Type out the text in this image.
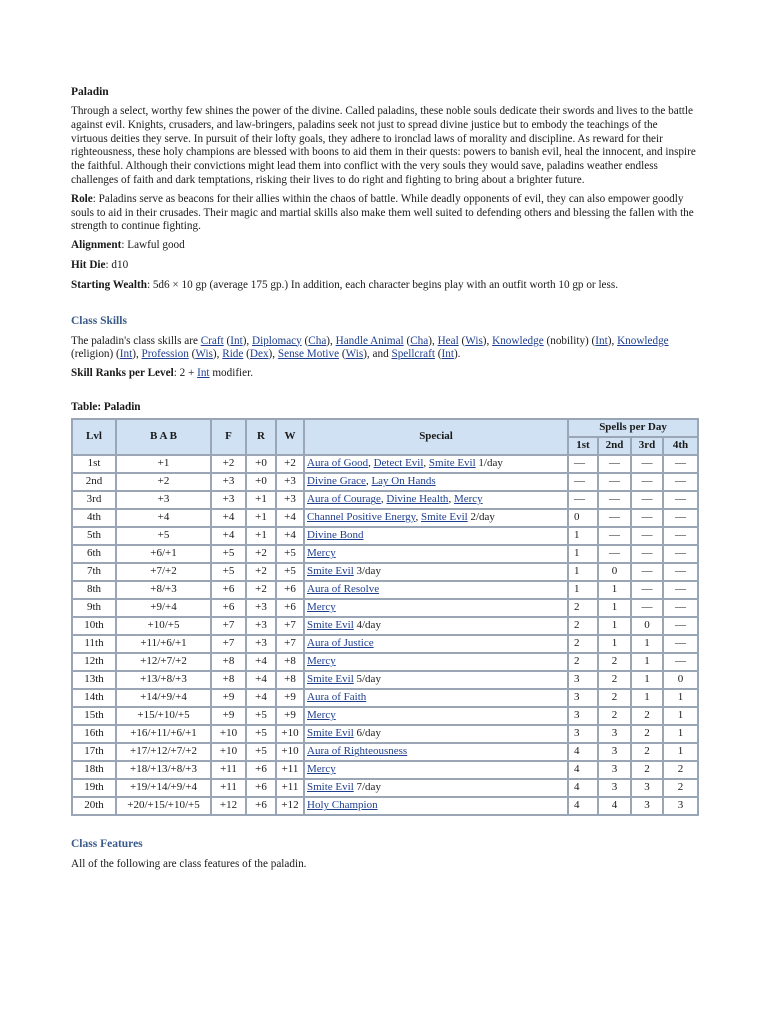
Paladin

Through a select, worthy few shines the power of the divine. Called paladins, these noble souls dedicate their swords and lives to the battle against evil. Knights, crusaders, and law-bringers, paladins seek not just to spread divine justice but to embody the teachings of the virtuous deities they serve. In pursuit of their lofty goals, they adhere to ironclad laws of morality and discipline. As reward for their righteousness, these holy champions are blessed with boons to aid them in their quests: powers to banish evil, heal the innocent, and inspire the faithful. Although their convictions might lead them into conflict with the very souls they would save, paladins weather endless challenges of faith and dark temptations, risking their lives to do right and fighting to bring about a brighter future.

Role: Paladins serve as beacons for their allies within the chaos of battle. While deadly opponents of evil, they can also empower goodly souls to aid in their crusades. Their magic and martial skills also make them well suited to defending others and blessing the fallen with the strength to continue fighting.

Alignment: Lawful good

Hit Die: d10

Starting Wealth: 5d6 × 10 gp (average 175 gp.) In addition, each character begins play with an outfit worth 10 gp or less.

Class Skills

The paladin's class skills are Craft (Int), Diplomacy (Cha), Handle Animal (Cha), Heal (Wis), Knowledge (nobility) (Int), Knowledge (religion) (Int), Profession (Wis), Ride (Dex), Sense Motive (Wis), and Spellcraft (Int).

Skill Ranks per Level: 2 + Int modifier.

Table: Paladin
Lvl	B A B	F	R	W	Special	Spells per Day			
						1st	2nd	3rd	4th
1st	+1	+2	+0	+2	Aura of Good, Detect Evil, Smite Evil 1/day	—	—	—	—
2nd	+2	+3	+0	+3	Divine Grace, Lay On Hands	—	—	—	—
3rd	+3	+3	+1	+3	Aura of Courage, Divine Health, Mercy	—	—	—	—
4th	+4	+4	+1	+4	Channel Positive Energy, Smite Evil 2/day	0	—	—	—
5th	+5	+4	+1	+4	Divine Bond	1	—	—	—
6th	+6/+1	+5	+2	+5	Mercy	1	—	—	—
7th	+7/+2	+5	+2	+5	Smite Evil 3/day	1	0	—	—
8th	+8/+3	+6	+2	+6	Aura of Resolve	1	1	—	—
9th	+9/+4	+6	+3	+6	Mercy	2	1	—	—
10th	+10/+5	+7	+3	+7	Smite Evil 4/day	2	1	0	—
11th	+11/+6/+1	+7	+3	+7	Aura of Justice	2	1	1	—
12th	+12/+7/+2	+8	+4	+8	Mercy	2	2	1	—
13th	+13/+8/+3	+8	+4	+8	Smite Evil 5/day	3	2	1	0
14th	+14/+9/+4	+9	+4	+9	Aura of Faith	3	2	1	1
15th	+15/+10/+5	+9	+5	+9	Mercy	3	2	2	1
16th	+16/+11/+6/+1	+10	+5	+10	Smite Evil 6/day	3	3	2	1
17th	+17/+12/+7/+2	+10	+5	+10	Aura of Righteousness	4	3	2	1
18th	+18/+13/+8/+3	+11	+6	+11	Mercy	4	3	2	2
19th	+19/+14/+9/+4	+11	+6	+11	Smite Evil 7/day	4	3	3	2
20th	+20/+15/+10/+5	+12	+6	+12	Holy Champion	4	4	3	3
Class Features

All of the following are class features of the paladin.
